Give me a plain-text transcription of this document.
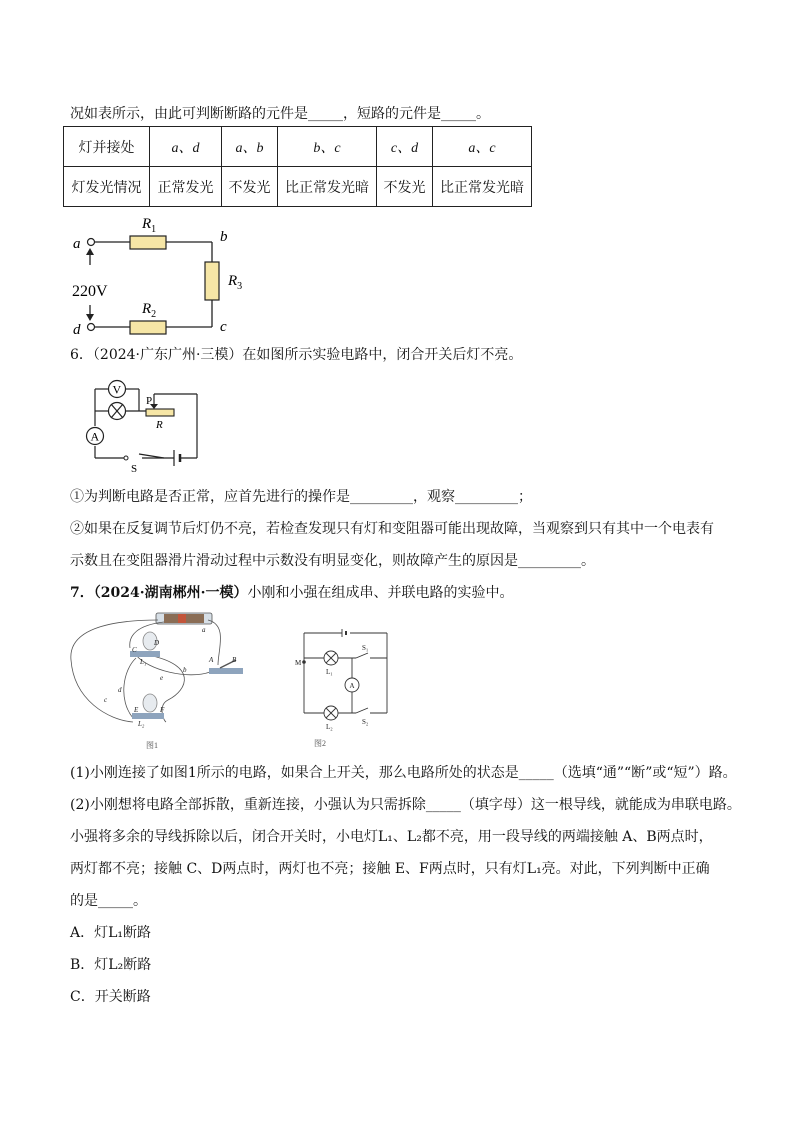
况如表所示，由此可判断断路的元件是_____，短路的元件是_____。
灯并接处	a、d	a、b	b、c	c、d	a、c
灯发光情况	正常发光	不发光	比正常发光暗	不发光	比正常发光暗
a	b
c
d
$R_1$
$R_2$
$R_3$
220V
6．（2024·广东广州·三模）在如图所示实验电路中，闭合开关后灯不亮。
V
A
P
R
S
①为判断电路是否正常，应首先进行的操作是_________，观察_________；
②如果在反复调节后灯仍不亮，若检查发现只有灯和变阻器可能出现故障，当观察到只有其中一个电表有
示数且在变阻器滑片滑动过程中示数没有明显变化，则故障产生的原因是_________。
7．（2024·湖南郴州·一模）小刚和小强在组成串、并联电路的实验中。
D
C
L₁	A	B
a
b
c
d
e
E	F
L₂
图1
M
L₁
A
L₂
S₁
S₂
图2
(1)小刚连接了如图1所示的电路，如果合上开关，那么电路所处的状态是_____（选填“通”“断”或“短”）路。
(2)小刚想将电路全部拆散，重新连接，小强认为只需拆除_____（填字母）这一根导线，就能成为串联电路。
小强将多余的导线拆除以后，闭合开关时，小电灯L₁、L₂都不亮，用一段导线的两端接触 A、B两点时，
两灯都不亮；接触 C、D两点时，两灯也不亮；接触 E、F两点时，只有灯L₁亮。对此，下列判断中正确
的是_____。
A．灯L₁断路
B．灯L₂断路
C．开关断路
